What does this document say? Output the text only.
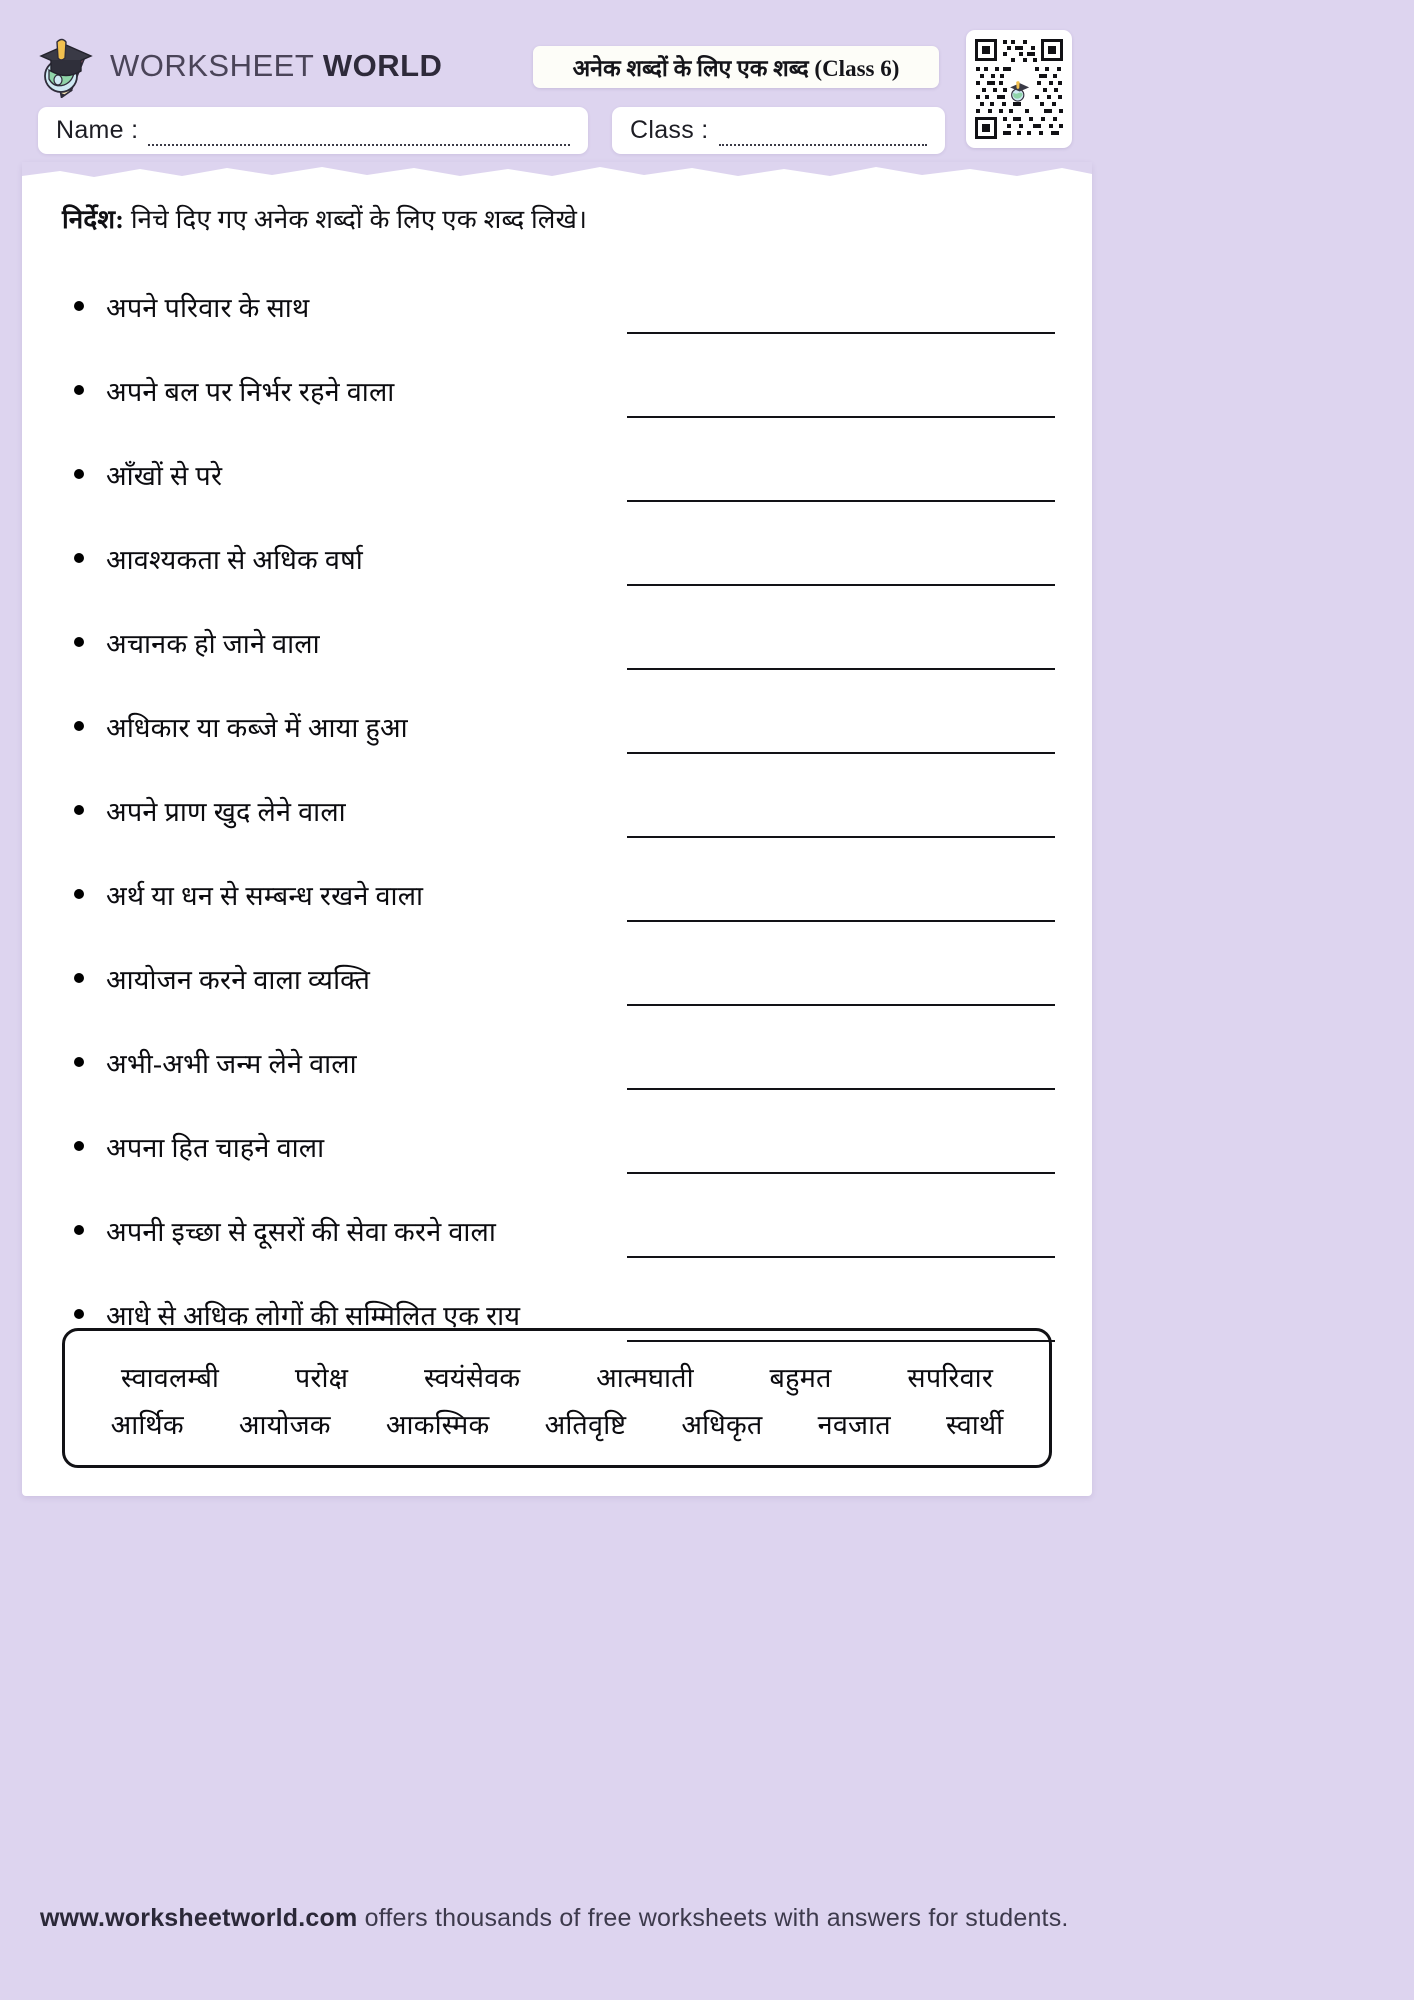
WORKSHEET WORLD	अनेक शब्दों के लिए एक शब्द (Class 6)
Name :	Class :
निर्देश: निचे दिए गए अनेक शब्दों के लिए एक शब्द लिखे।
अपने परिवार के साथ
अपने बल पर निर्भर रहने वाला
आँखों से परे
आवश्यकता से अधिक वर्षा
अचानक हो जाने वाला
अधिकार या कब्जे में आया हुआ
अपने प्राण खुद लेने वाला
अर्थ या धन से सम्बन्ध रखने वाला
आयोजन करने वाला व्यक्ति
अभी-अभी जन्म लेने वाला
अपना हित चाहने वाला
अपनी इच्छा से दूसरों की सेवा करने वाला
आधे से अधिक लोगों की सम्मिलित एक राय
स्वावलम्बी	परोक्ष	स्वयंसेवक	आत्मघाती	बहुमत	सपरिवार
आर्थिक आयोजक आकस्मिक अतिवृष्टि अधिकृत नवजात स्वार्थी
www.worksheetworld.com offers thousands of free worksheets with answers for students.
